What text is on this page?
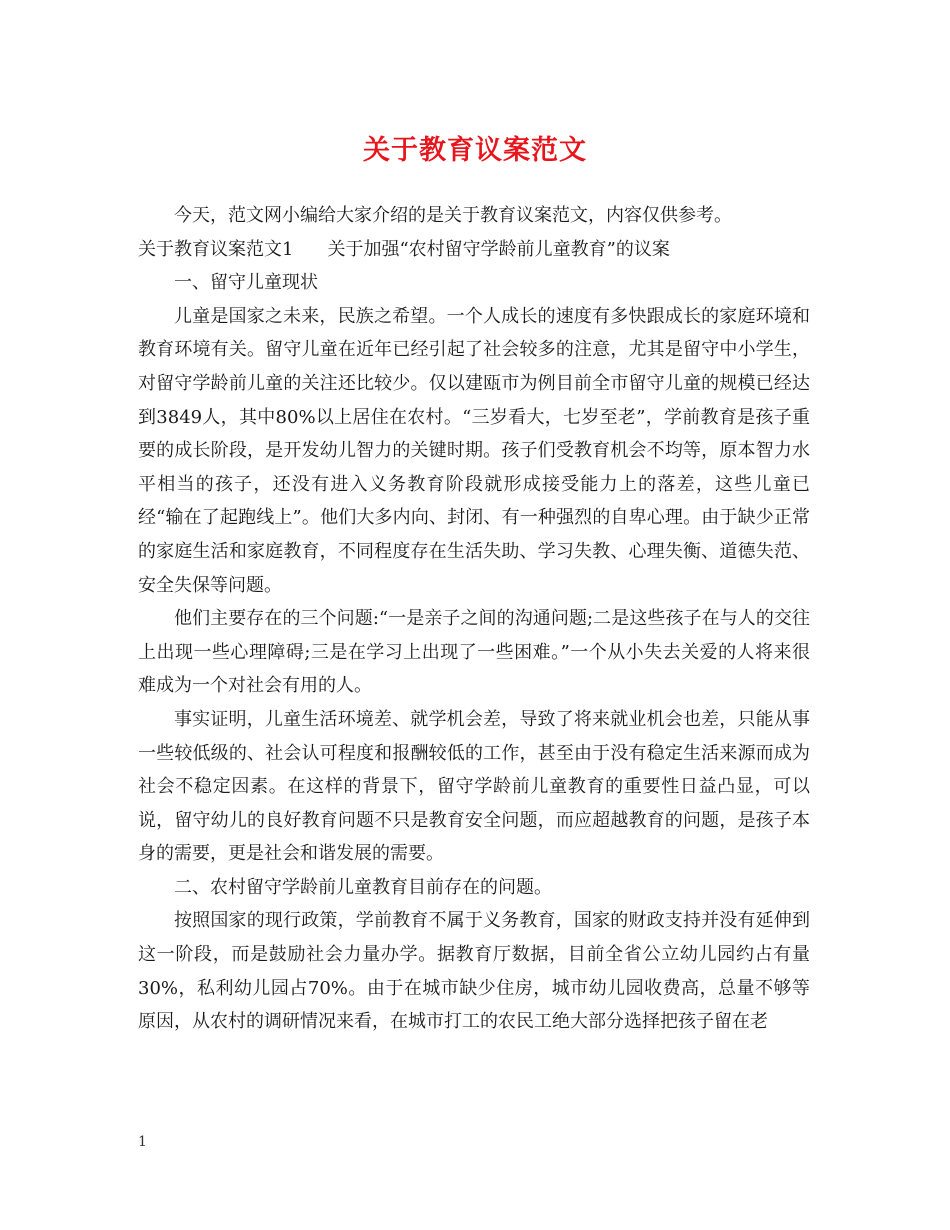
关于教育议案范文

今天，范文网小编给大家介绍的是关于教育议案范文，内容仅供参考。

关于教育议案范文1 关于加强“农村留守学龄前儿童教育”的议案

一、留守儿童现状

儿童是国家之未来，民族之希望。一个人成长的速度有多快跟成长的家庭环境和教育环境有关。留守儿童在近年已经引起了社会较多的注意，尤其是留守中小学生，对留守学龄前儿童的关注还比较少。仅以建瓯市为例目前全市留守儿童的规模已经达到3849人，其中80%以上居住在农村。“三岁看大，七岁至老”，学前教育是孩子重要的成长阶段，是开发幼儿智力的关键时期。孩子们受教育机会不均等，原本智力水平相当的孩子，还没有进入义务教育阶段就形成接受能力上的落差，这些儿童已经“输在了起跑线上”。他们大多内向、封闭、有一种强烈的自卑心理。由于缺少正常的家庭生活和家庭教育，不同程度存在生活失助、学习失教、心理失衡、道德失范、安全失保等问题。

他们主要存在的三个问题:“一是亲子之间的沟通问题;二是这些孩子在与人的交往上出现一些心理障碍;三是在学习上出现了一些困难。”一个从小失去关爱的人将来很难成为一个对社会有用的人。

事实证明，儿童生活环境差、就学机会差，导致了将来就业机会也差，只能从事一些较低级的、社会认可程度和报酬较低的工作，甚至由于没有稳定生活来源而成为社会不稳定因素。在这样的背景下，留守学龄前儿童教育的重要性日益凸显，可以说，留守幼儿的良好教育问题不只是教育安全问题，而应超越教育的问题，是孩子本身的需要，更是社会和谐发展的需要。

二、农村留守学龄前儿童教育目前存在的问题。

按照国家的现行政策，学前教育不属于义务教育，国家的财政支持并没有延伸到这一阶段，而是鼓励社会力量办学。据教育厅数据，目前全省公立幼儿园约占有量30%，私利幼儿园占70%。由于在城市缺少住房，城市幼儿园收费高，总量不够等原因，从农村的调研情况来看，在城市打工的农民工绝大部分选择把孩子留在老

1
